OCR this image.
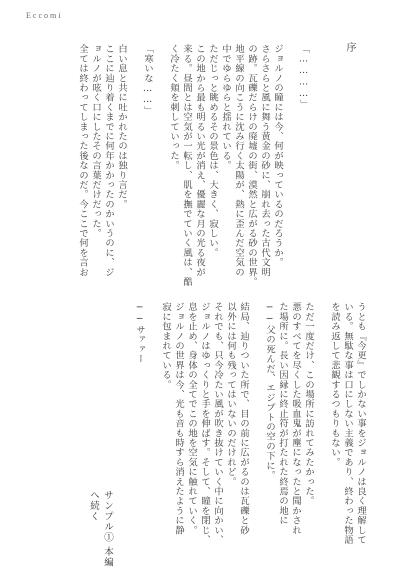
Eccomi
序
「…………」
ジョルノの瞳には今、何が映っているのだろうか。
さらさらと風に舞う黄金の砂に、崩れ去った古代文明
の跡。瓦礫だらけの廃墟の街、漠然と広がる砂の世界。
地平線の向こうに沈み行く太陽が、熱に歪んだ空気の
中でゆらゆらと揺れている。
ただじっと眺めるその景色は、大きく、寂しい。
この地から最も明るい光が消え、優麗な月の光る夜が
来る。昼間とは空気が一転し、肌を撫でていく風は、酷
く冷たく頬を刺していった。
「寒いな……」
白い息と共に吐かれたのは独り言だ。
ここに辿り着くまでに何年かかったのかいうのに、ジ
ョルノが呟く口にしたその言葉だけだった。
全ては終わってしまった後なのだ。今ここで何を言お
うとも『今更』でしかない事をジョルノは良く理解して
いる。無駄な事は口にしない主義であり、終わった物語
を読み返して悲観するつもりもない。
ただ一度だけ、この場所に訪れてみたかった。
悪のすべてを尽くした吸血鬼が塵になったと聞かされ
た場所に。長い因縁に終止符が打たれた終焉の地に
──父の死んだ、エジプトの空の下に。
結局、辿りついた所で、目の前に広がるのは瓦礫と砂
以外には何も残ってはいないのだけれど。
それでも、只今冷たい風が吹き抜けていく中に向かい、
ジョルノはゆっくりと手を伸ばす。そして、瞳を閉じ、
息を止め、身体の全てでこの地を空気に触れていく。
ジョルノの世界は今、光も音も時すら消えたように静
寂に包まれている。
──サァァー
サンプル① 本編へ続く
